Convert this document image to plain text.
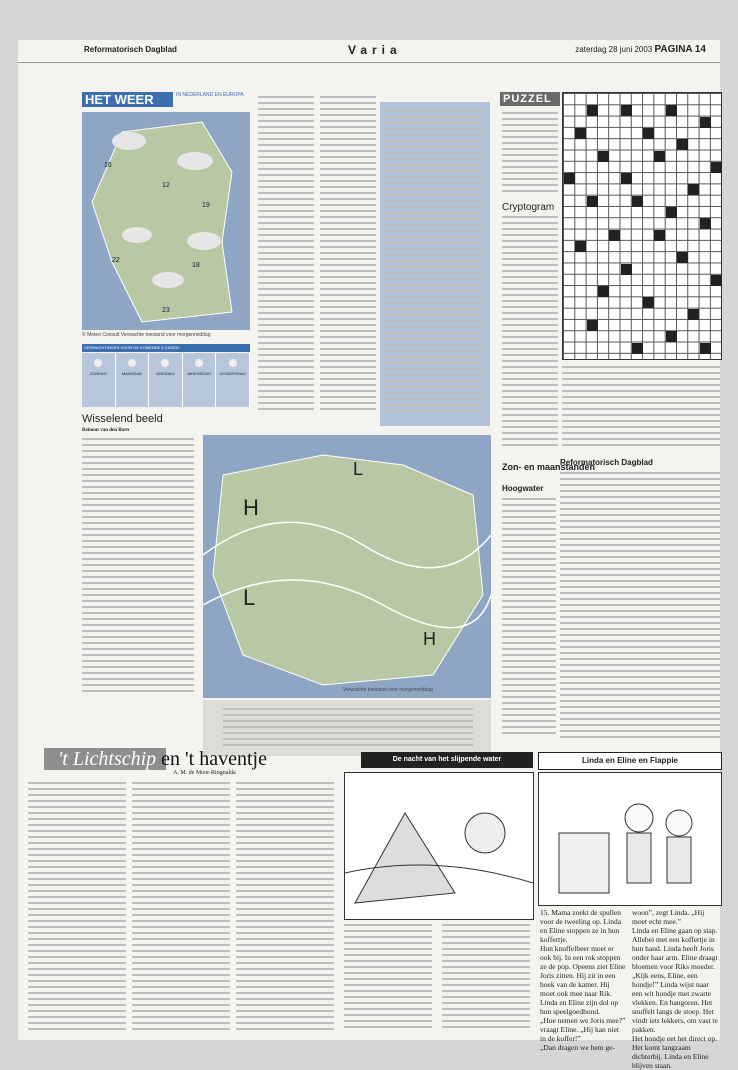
Reformatorisch Dagblad	Varia	zaterdag 28 juni 2003 PAGINA 14
HET WEER	IN NEDERLAND EN EUROPA
16
12
19
22
18
23
© Meteo Consult Verwachte toestand voor morgenmiddag
VERWACHTINGEN VOOR DE KOMENDE 5 DAGEN
ZONDAG	MAANDAG	DINSDAG	WOENSDAG	DONDERDAG
Wisselend beeld
Reinout van den Born
H
L
L
H
Verwachte toestand voor morgenmiddag
PUZZEL
Cryptogram
Zon- en maanstanden
Hoogwater
Reformatorisch Dagblad
't Lichtschip en 't haventje
A. M. de Moor-Ringnalda
De nacht van het slijpende water	Linda en Eline en Flappie
15. Mama zoekt de spullen voor de tweeling op. Linda en Eline stoppen ze in hun koffertje.
Hun knuffelbeer moet er ook bij. In een rok stoppen ze de pop. Opeens ziet Eline Joris zitten. Hij zit in een hoek van de kamer. Hij moet ook mee naar Rik. Linda en Eline zijn dol op hun speelgoedhond.
„Hoe nemen we Joris mee?” vraagt Eline. „Hij kan niet in de koffer!”
„Dan dragen we hem ge-
woon”, zegt Linda. „Hij moet echt mee.”
Linda en Eline gaan op stap. Allebei met een koffertje in hun hand. Linda heeft Joris onder haar arm. Eline draagt bloemen voor Riks moeder.
„Kijk eens, Eline, een hondje!” Linda wijst naar een wit hondje met zwarte vlekken. En hangoren. Het snuffelt langs de stoep. Het vindt iets lekkers, om vast te pakken.
Het hondje eet het direct op. Het komt langzaam dichterbij. Linda en Eline blijven staan.
